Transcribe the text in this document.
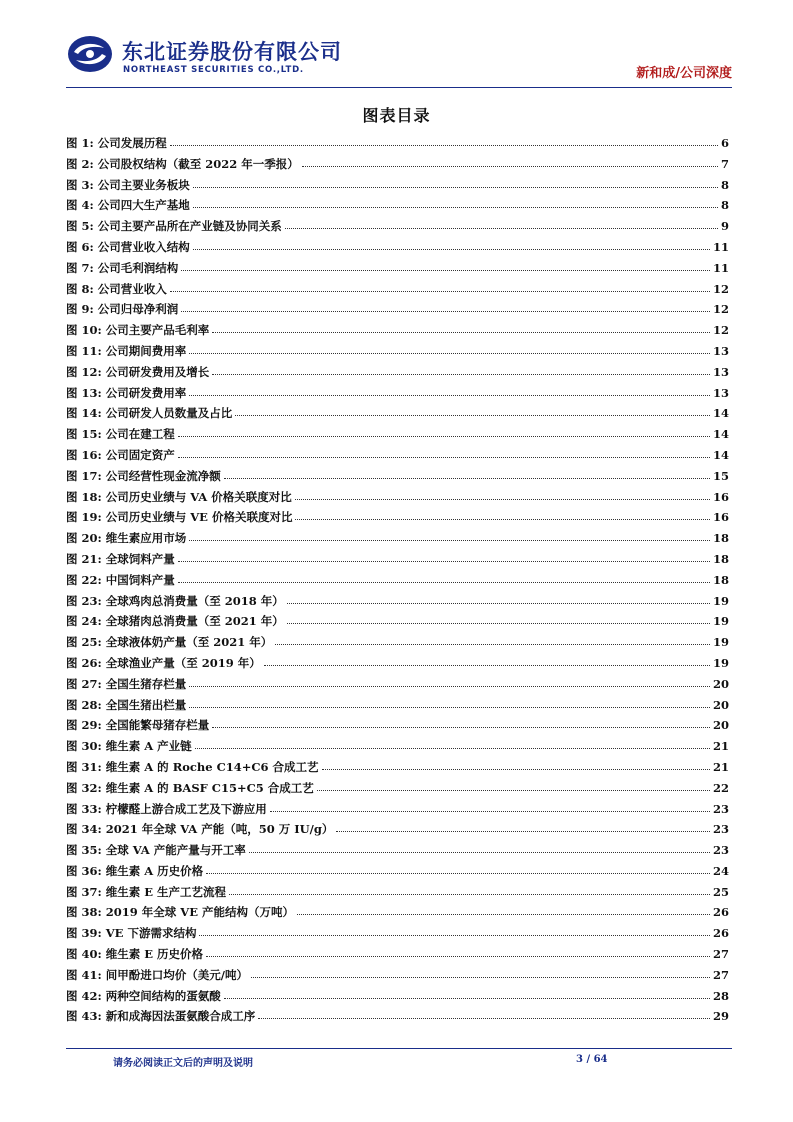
东北证券股份有限公司
NORTHEAST SECURITIES CO.,LTD.	新和成/公司深度
图表目录
图 1: 公司发展历程	6
图 2: 公司股权结构（截至 2022 年一季报）	7
图 3: 公司主要业务板块	8
图 4: 公司四大生产基地	8
图 5: 公司主要产品所在产业链及协同关系	9
图 6: 公司营业收入结构	11
图 7: 公司毛利润结构	11
图 8: 公司营业收入	12
图 9: 公司归母净利润	12
图 10: 公司主要产品毛利率	12
图 11: 公司期间费用率	13
图 12: 公司研发费用及增长	13
图 13: 公司研发费用率	13
图 14: 公司研发人员数量及占比	14
图 15: 公司在建工程	14
图 16: 公司固定资产	14
图 17: 公司经营性现金流净额	15
图 18: 公司历史业绩与 VA 价格关联度对比	16
图 19: 公司历史业绩与 VE 价格关联度对比	16
图 20: 维生素应用市场	18
图 21: 全球饲料产量	18
图 22: 中国饲料产量	18
图 23: 全球鸡肉总消费量（至 2018 年）	19
图 24: 全球猪肉总消费量（至 2021 年）	19
图 25: 全球液体奶产量（至 2021 年）	19
图 26: 全球渔业产量（至 2019 年）	19
图 27: 全国生猪存栏量	20
图 28: 全国生猪出栏量	20
图 29: 全国能繁母猪存栏量	20
图 30: 维生素 A 产业链	21
图 31: 维生素 A 的 Roche C14+C6 合成工艺	21
图 32: 维生素 A 的 BASF C15+C5 合成工艺	22
图 33: 柠檬醛上游合成工艺及下游应用	23
图 34: 2021 年全球 VA 产能（吨，50 万 IU/g）	23
图 35: 全球 VA 产能产量与开工率	23
图 36: 维生素 A 历史价格	24
图 37: 维生素 E 生产工艺流程	25
图 38: 2019 年全球 VE 产能结构（万吨）	26
图 39: VE 下游需求结构	26
图 40: 维生素 E 历史价格	27
图 41: 间甲酚进口均价（美元/吨）	27
图 42: 两种空间结构的蛋氨酸	28
图 43: 新和成海因法蛋氨酸合成工序	29
请务必阅读正文后的声明及说明	3 / 64
